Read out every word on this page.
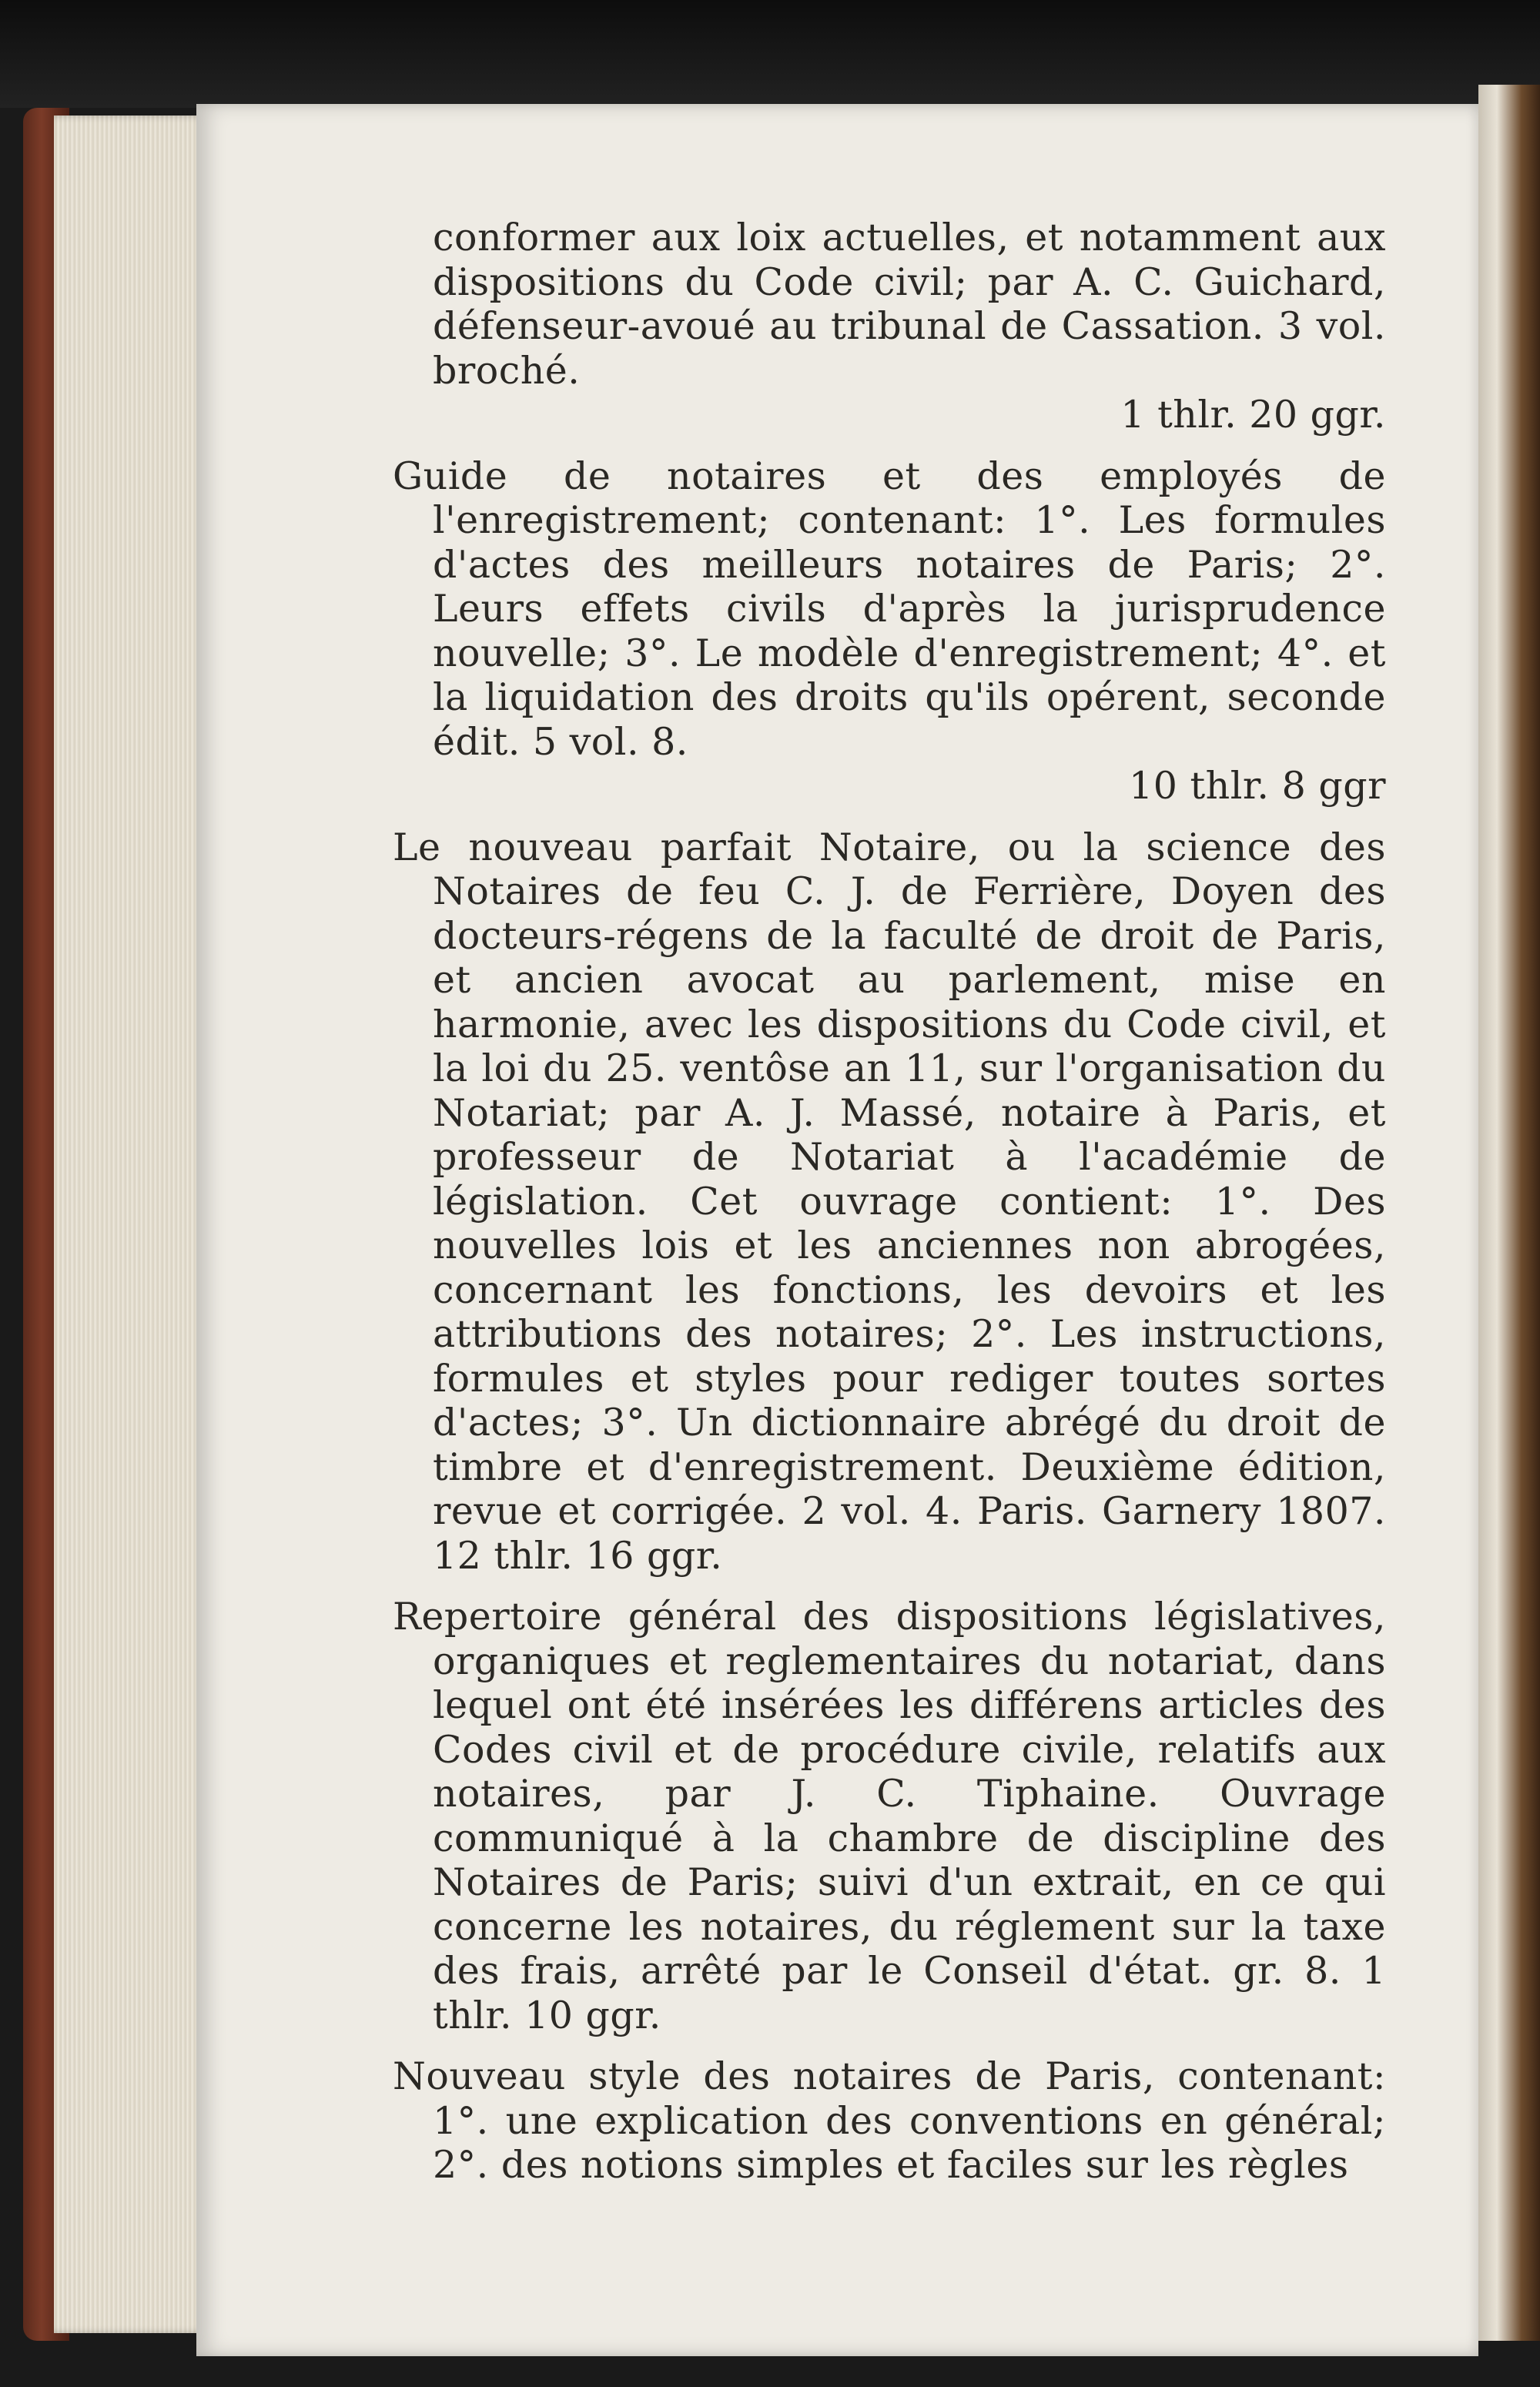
conformer aux loix actuelles, et notamment aux dispositions du Code civil; par A. C. Guichard, défenseur-avoué au tribunal de Cassation. 3 vol. broché.
1 thlr. 20 ggr.

Guide de notaires et des employés de l'enregistrement; contenant: 1°. Les formules d'actes des meilleurs notaires de Paris; 2°. Leurs effets civils d'après la jurisprudence nouvelle; 3°. Le modèle d'enregistrement; 4°. et la liquidation des droits qu'ils opérent, seconde édit. 5 vol. 8.
10 thlr. 8 ggr

Le nouveau parfait Notaire, ou la science des Notaires de feu C. J. de Ferrière, Doyen des docteurs-régens de la faculté de droit de Paris, et ancien avocat au parlement, mise en harmonie, avec les dispositions du Code civil, et la loi du 25. ventôse an 11, sur l'organisation du Notariat; par A. J. Massé, notaire à Paris, et professeur de Notariat à l'académie de législation. Cet ouvrage contient: 1°. Des nouvelles lois et les anciennes non abrogées, concernant les fonctions, les devoirs et les attributions des notaires; 2°. Les instructions, formules et styles pour rediger toutes sortes d'actes; 3°. Un dictionnaire abrégé du droit de timbre et d'enregistrement. Deuxième édition, revue et corrigée. 2 vol. 4. Paris. Garnery 1807. 12 thlr. 16 ggr.

Repertoire général des dispositions législatives, organiques et reglementaires du notariat, dans lequel ont été insérées les différens articles des Codes civil et de procédure civile, relatifs aux notaires, par J. C. Tiphaine. Ouvrage communiqué à la chambre de discipline des Notaires de Paris; suivi d'un extrait, en ce qui concerne les notaires, du réglement sur la taxe des frais, arrêté par le Conseil d'état. gr. 8. 1 thlr. 10 ggr.

Nouveau style des notaires de Paris, contenant: 1°. une explication des conventions en général; 2°. des notions simples et faciles sur les règles
